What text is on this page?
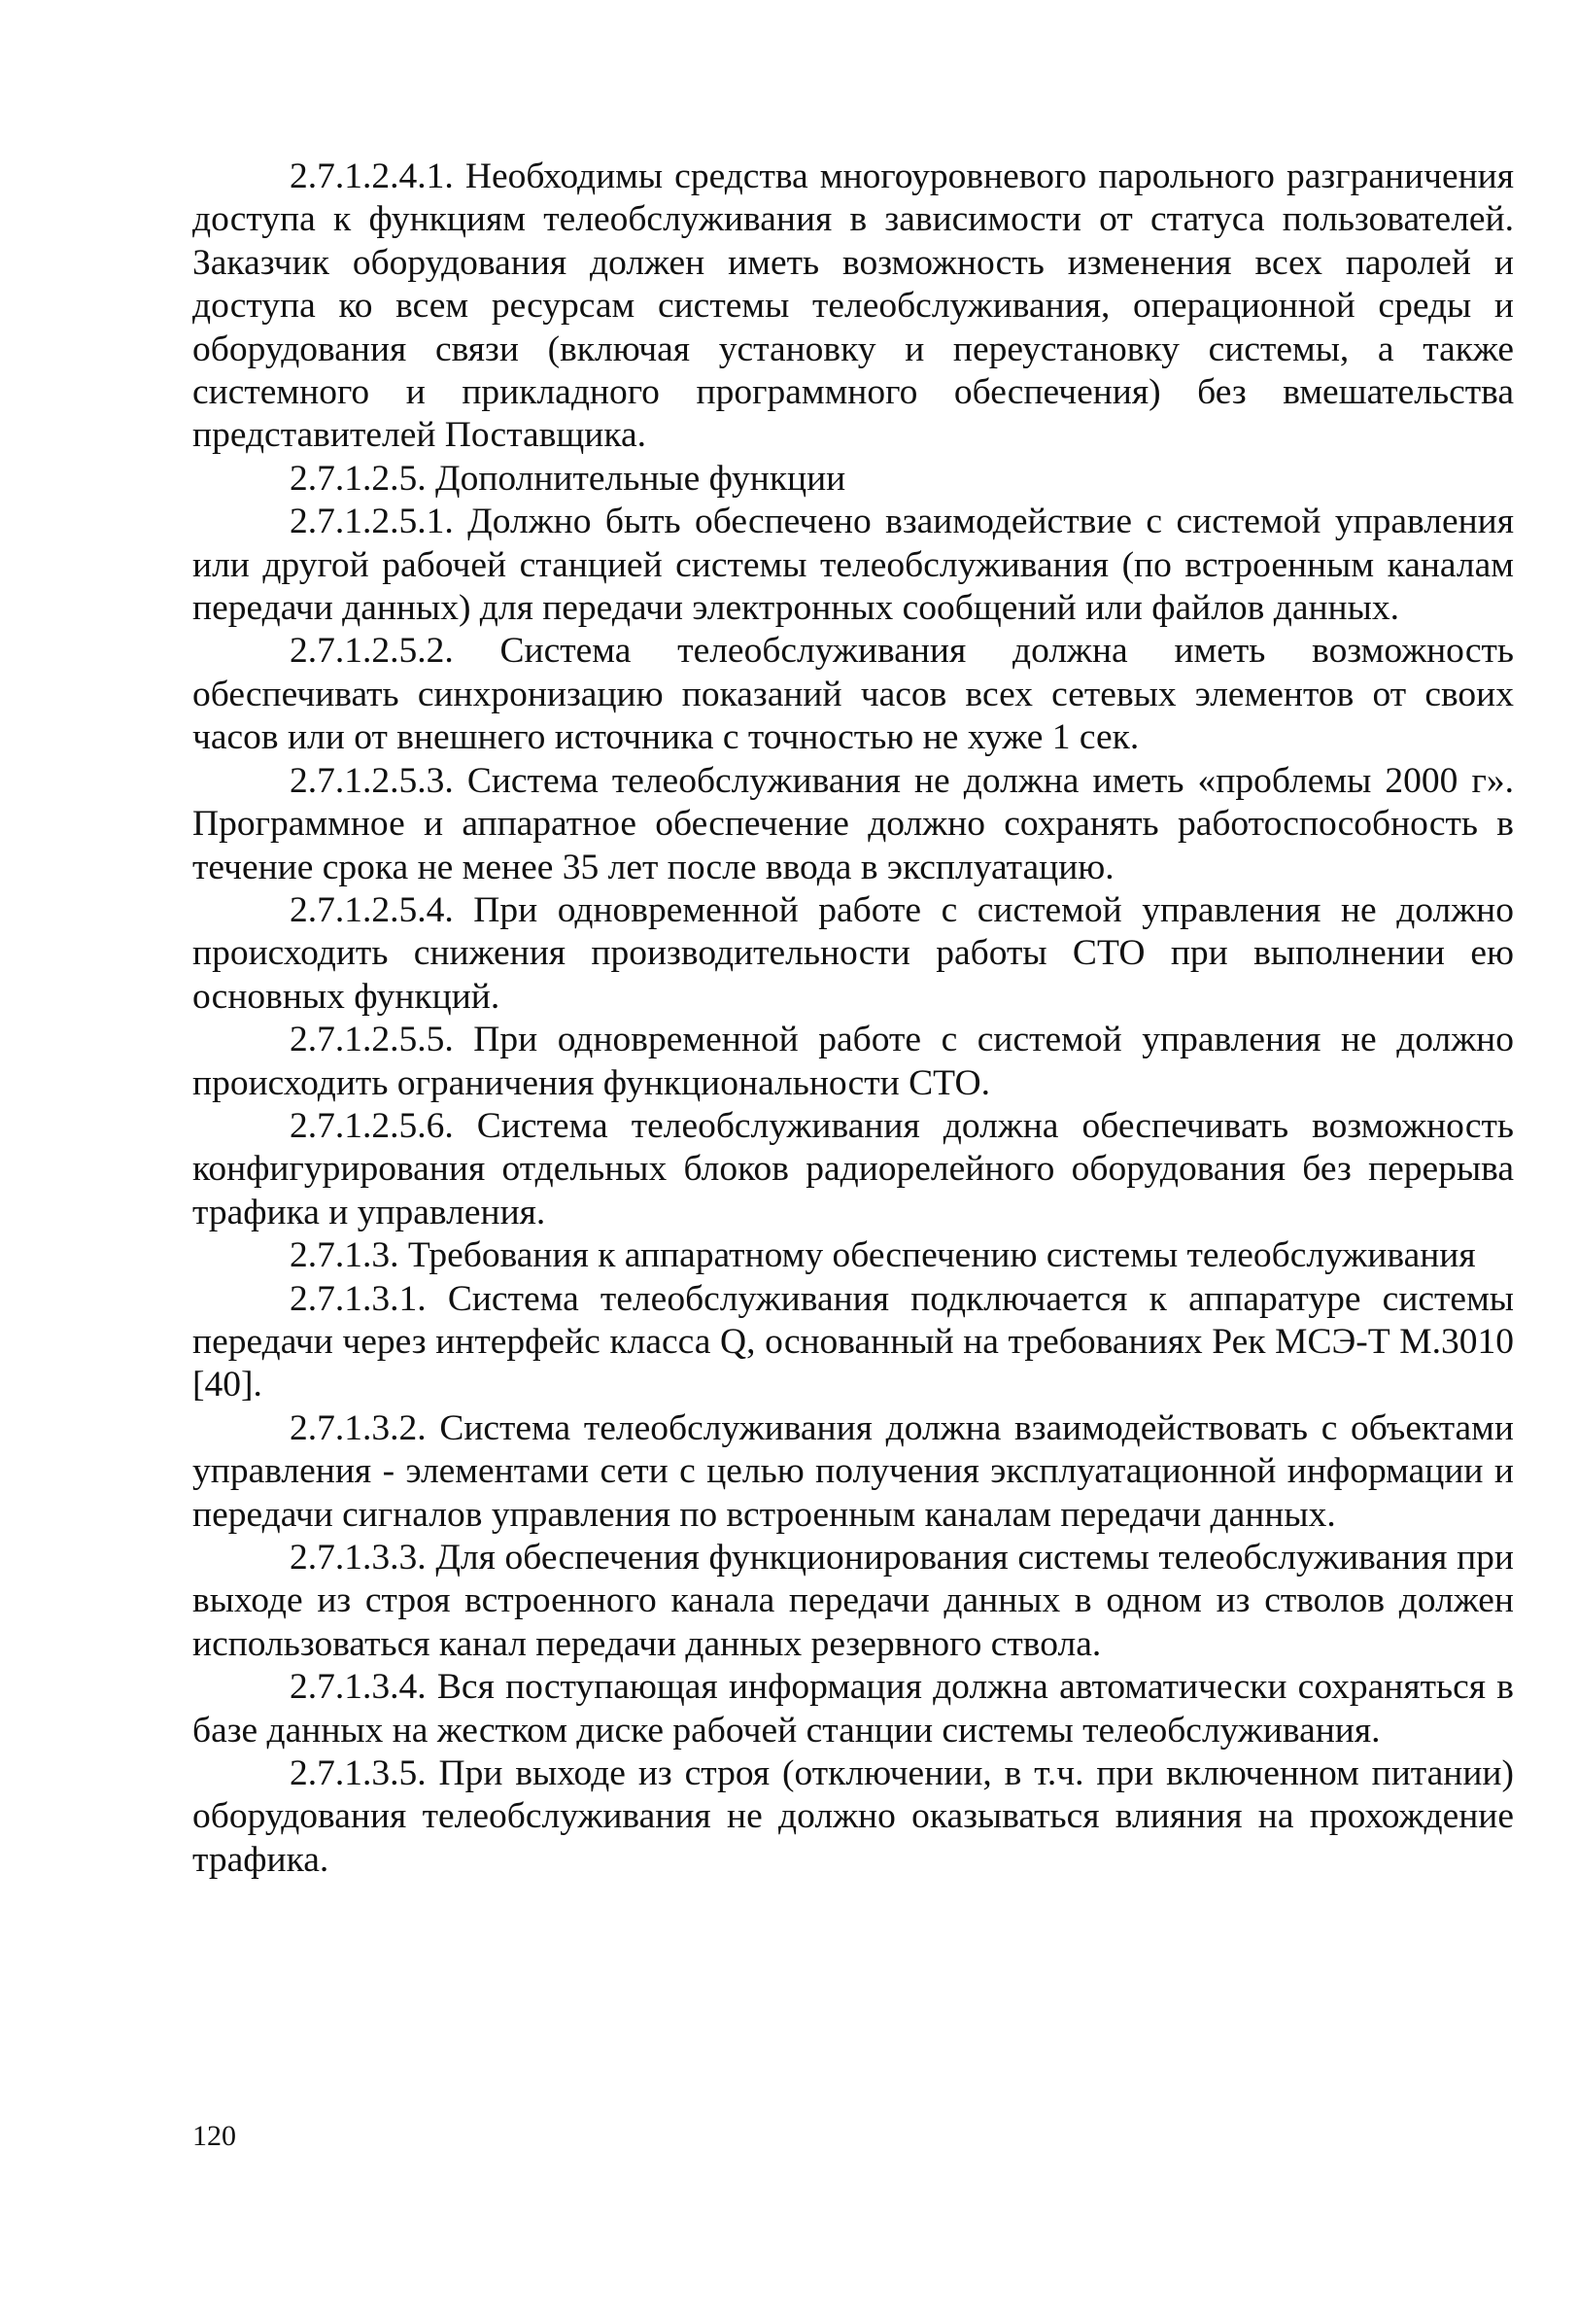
2.7.1.2.4.1. Необходимы средства многоуровневого парольного разграничения доступа к функциям телеобслуживания в зависимости от статуса пользователей. Заказчик оборудования должен иметь возможность изменения всех паролей и доступа ко всем ресурсам системы телеобслуживания, операционной среды и оборудования связи (включая установку и переустановку системы, а также системного и прикладного программного обеспечения) без вмешательства представителей Поставщика.

2.7.1.2.5. Дополнительные функции

2.7.1.2.5.1. Должно быть обеспечено взаимодействие с системой управления или другой рабочей станцией системы телеобслуживания (по встроенным каналам передачи данных) для передачи электронных сообщений или файлов данных.

2.7.1.2.5.2. Система телеобслуживания должна иметь возможность обеспечивать синхронизацию показаний часов всех сетевых элементов от своих часов или от внешнего источника с точностью не хуже 1 сек.

2.7.1.2.5.3. Система телеобслуживания не должна иметь «проблемы 2000 г». Программное и аппаратное обеспечение должно сохранять работоспособность в течение срока не менее 35 лет после ввода в эксплуатацию.

2.7.1.2.5.4. При одновременной работе с системой управления не должно происходить снижения производительности работы СТО при выполнении ею основных функций.

2.7.1.2.5.5. При одновременной работе с системой управления не должно происходить ограничения функциональности СТО.

2.7.1.2.5.6. Система телеобслуживания должна обеспечивать возможность конфигурирования отдельных блоков радиорелейного оборудования без перерыва трафика и управления.

2.7.1.3. Требования к аппаратному обеспечению системы телеобслуживания

2.7.1.3.1. Система телеобслуживания подключается к аппаратуре системы передачи через интерфейс класса Q, основанный на требованиях Рек МСЭ-Т М.3010 [40].

2.7.1.3.2. Система телеобслуживания должна взаимодействовать с объектами управления - элементами сети с целью получения эксплуатационной информации и передачи сигналов управления по встроенным каналам передачи данных.

2.7.1.3.3. Для обеспечения функционирования системы телеобслуживания при выходе из строя встроенного канала передачи данных в одном из стволов должен использоваться канал передачи данных резервного ствола.

2.7.1.3.4. Вся поступающая информация должна автоматически сохраняться в базе данных на жестком диске рабочей станции системы телеобслуживания.

2.7.1.3.5. При выходе из строя (отключении, в т.ч. при включенном питании) оборудования телеобслуживания не должно оказываться влияния на прохождение трафика.

120
